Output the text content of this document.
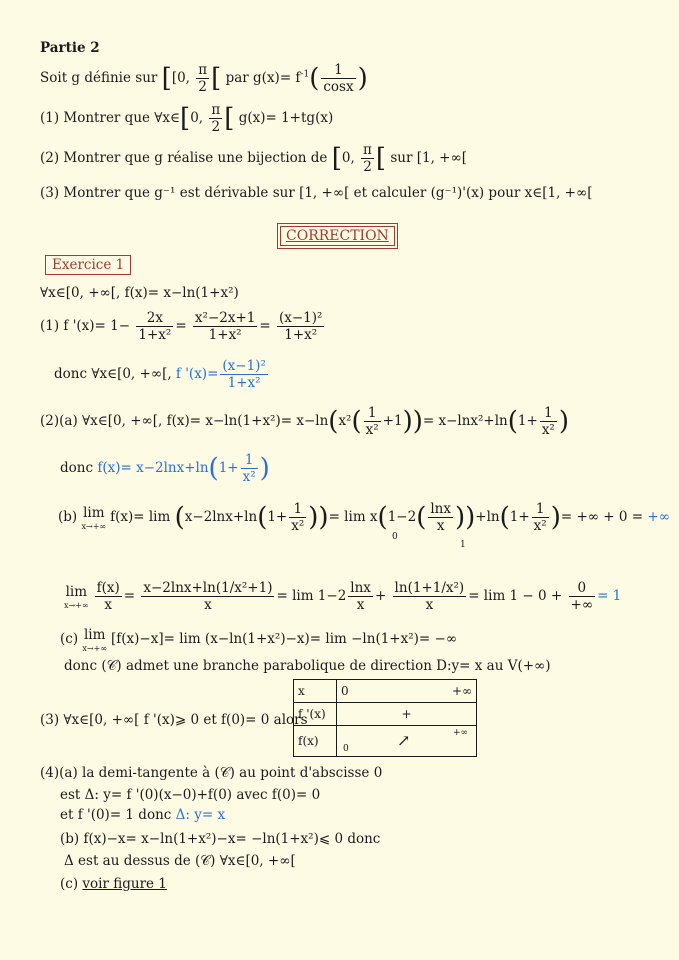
Partie 2
Soit g définie sur [[0, $\frac{\pi}{2}$ [ par $g(x)= f^{-1}( \frac{1}{\cos x}$ )
(1) Montrer que ∀x∈[0, $\frac{\pi}{2}$ [ g(x)= 1+tg(x)
(2) Montrer que g réalise une bijection de [0, $\frac{\pi}{2}$ [ sur [1, +∞[
(3) Montrer que g⁻¹ est dérivable sur [1, +∞[ et calculer (g⁻¹)'(x) pour x∈[1, +∞[
CORRECTION
Exercice 1
∀x∈[0, +∞[, f(x)= x−ln(1+x²)
(1) f '$(x)= 1- \frac{2x}{\text{1+x²}} = \frac{\text{x²−2x+1}}{\text{1+x²}} = \frac{\text{(x−1)²}}{\text{1+x²}}$
donc ∀x∈[0, +∞[, f '$(x)= \frac{\text{(x−1)²}}{\text{1+x²}}$
(2)(a) ∀x∈[0, +∞[, $f(x)= x-\ln(1+x^2)= x-\ln(x^2( \frac{1}{\text{x²}} +1))= x-\ln x^2+\ln(1+ \frac{1}{\text{x²}}$ )
donc $f(x)= x-2\ln x+\ln(1+ \frac{1}{\text{x²}}$ )
(b) lim
x→+∞
$f(x)= \lim (x-2\ln x+\ln(1+ \frac{1}{\text{x²}}$ ))= $\lim x(1-2( \frac{\ln x}{x} ))+\ln(1+ \frac{1}{\text{x²}}$ )= +∞ + 0 = +∞
0
1
lim
$x\to+\infty \frac{f(x)}{x} = \frac{\text{x−2lnx+ln(1/x²+1)}}{x} = \lim 1-2 \frac{\ln x}{x} + \frac{\text{ln(1+1/x²)}}{x} = \lim 1 - 0 + \frac{0}{+\infty} = 1$
(c) lim
x→+∞
[f(x)−x]= lim (x−ln(1+x²)−x)= lim −ln(1+x²)= −∞
donc (𝒞) admet une branche parabolique de direction D:y= x au V(+∞)
(3) ∀x∈[0, +∞[ f '(x)⩾ 0 et f(0)= 0 alors
x	0 +∞

f '(x)	+
f(x)	0 ↗ +∞
(4)(a) la demi-tangente à (𝒞) au point d'abscisse 0
est Δ: y= f '(0)(x−0)+f(0) avec f(0)= 0
et f '(0)= 1 donc Δ: y= x
(b) f(x)−x= x−ln(1+x²)−x= −ln(1+x²)⩽ 0 donc
Δ est au dessus de (𝒞) ∀x∈[0, +∞[
(c) voir figure 1
